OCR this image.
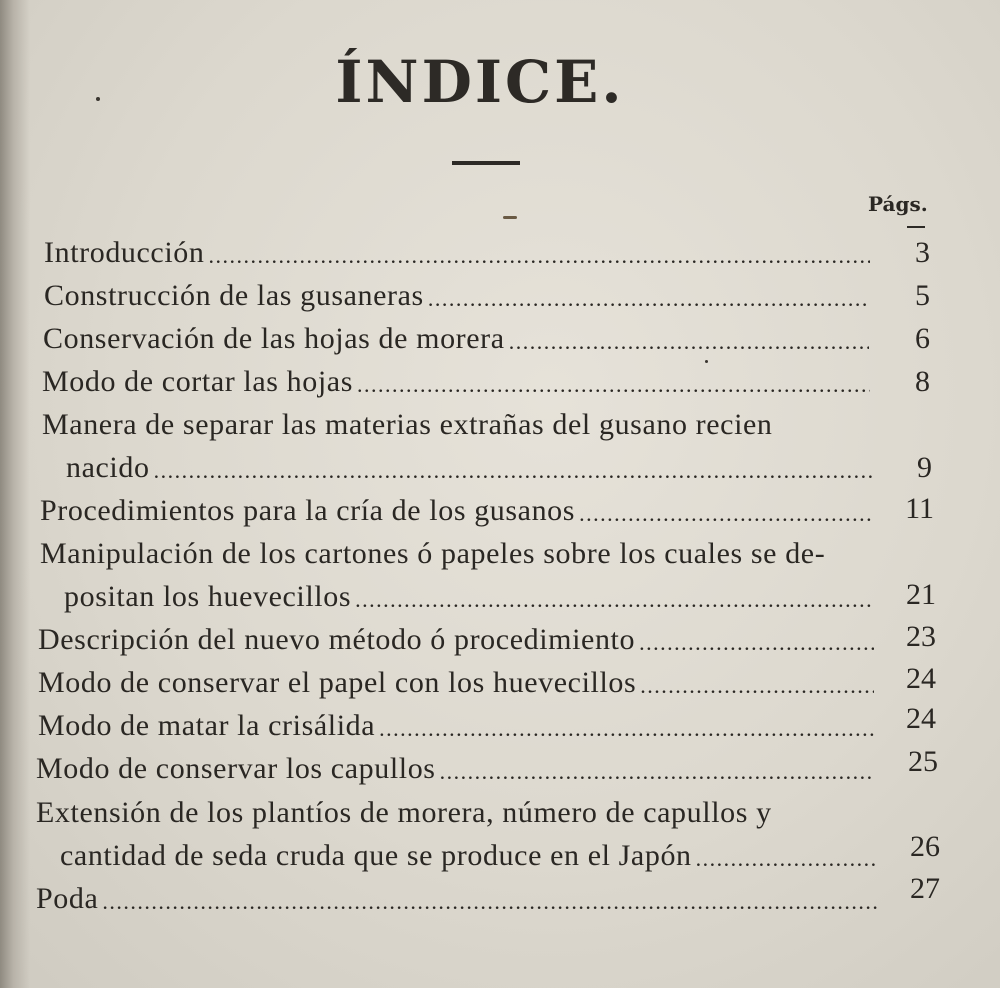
ÍNDICE.
Págs.
Introducción .....	3
Construcción de las gusaneras .....	5
Conservación de las hojas de morera .....	6
Modo de cortar las hojas .....	8
Manera de separar las materias extrañas del gusano recien
nacido .....	9
Procedimientos para la cría de los gusanos .....	11
Manipulación de los cartones ó papeles sobre los cuales se de-
positan los huevecillos .....	21
Descripción del nuevo método ó procedimiento .....	23
Modo de conservar el papel con los huevecillos .....	24
Modo de matar la crisálida .....	24
Modo de conservar los capullos .....	25
Extensión de los plantíos de morera, número de capullos y
cantidad de seda cruda que se produce en el Japón .....	26
Poda .....	27
